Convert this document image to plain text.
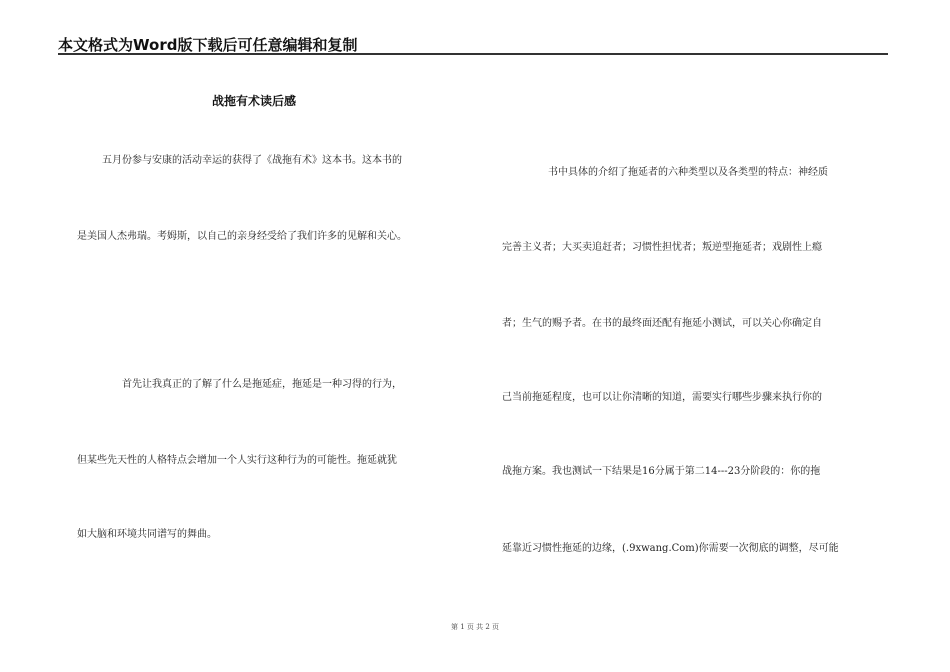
本文格式为Word版下载后可任意编辑和复制
战拖有术读后感
五月份参与安康的活动幸运的获得了《战拖有术》这本书。这本书的
是美国人杰弗瑞。考姆斯，以自己的亲身经受给了我们许多的见解和关心。
首先让我真正的了解了什么是拖延症，拖延是一种习得的行为，
但某些先天性的人格特点会增加一个人实行这种行为的可能性。拖延就犹
如大脑和环境共同谱写的舞曲。
书中具体的介绍了拖延者的六种类型以及各类型的特点：神经质
完善主义者；大买卖追赶者；习惯性担忧者；叛逆型拖延者；戏剧性上瘾
者；生气的赐予者。在书的最终面还配有拖延小测试，可以关心你确定自
己当前拖延程度，也可以让你清晰的知道，需要实行哪些步骤来执行你的
战拖方案。我也测试一下结果是16分属于第二14---23分阶段的：你的拖
延靠近习惯性拖延的边缘，(.9xwang.Com)你需要一次彻底的调整，尽可能
第 1 页 共 2 页
